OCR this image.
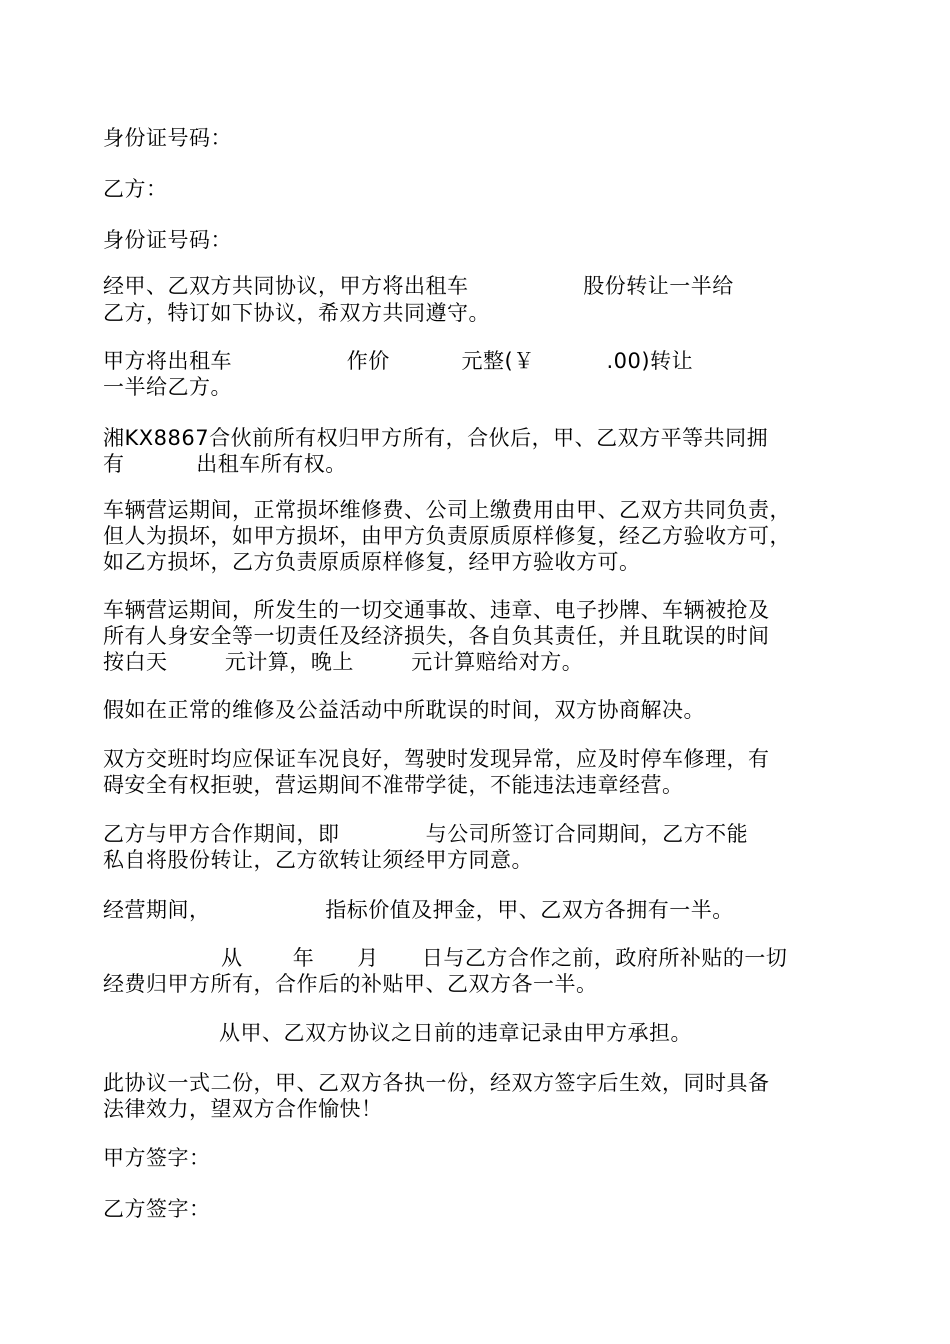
身份证号码：
乙方：
身份证号码：
经甲、乙双方共同协议，甲方将出租车                股份转让一半给
乙方，特订如下协议，希双方共同遵守。
甲方将出租车                作价          元整(￥          .00)转让
一半给乙方。
湘KX8867合伙前所有权归甲方所有，合伙后，甲、乙双方平等共同拥
有          出租车所有权。
车辆营运期间，正常损坏维修费、公司上缴费用由甲、乙双方共同负责，
但人为损坏，如甲方损坏，由甲方负责原质原样修复，经乙方验收方可，
如乙方损坏，乙方负责原质原样修复，经甲方验收方可。
车辆营运期间，所发生的一切交通事故、违章、电子抄牌、车辆被抢及
所有人身安全等一切责任及经济损失，各自负其责任，并且耽误的时间
按白天        元计算，晚上        元计算赔给对方。
假如在正常的维修及公益活动中所耽误的时间，双方协商解决。
双方交班时均应保证车况良好，驾驶时发现异常，应及时停车修理，有
碍安全有权拒驶，营运期间不准带学徒，不能违法违章经营。
乙方与甲方合作期间，即            与公司所签订合同期间，乙方不能
私自将股份转让，乙方欲转让须经甲方同意。
经营期间，                指标价值及押金，甲、乙双方各拥有一半。
从       年      月      日与乙方合作之前，政府所补贴的一切
经费归甲方所有，合作后的补贴甲、乙双方各一半。
从甲、乙双方协议之日前的违章记录由甲方承担。
此协议一式二份，甲、乙双方各执一份，经双方签字后生效，同时具备
法律效力，望双方合作愉快！
甲方签字：
乙方签字：
